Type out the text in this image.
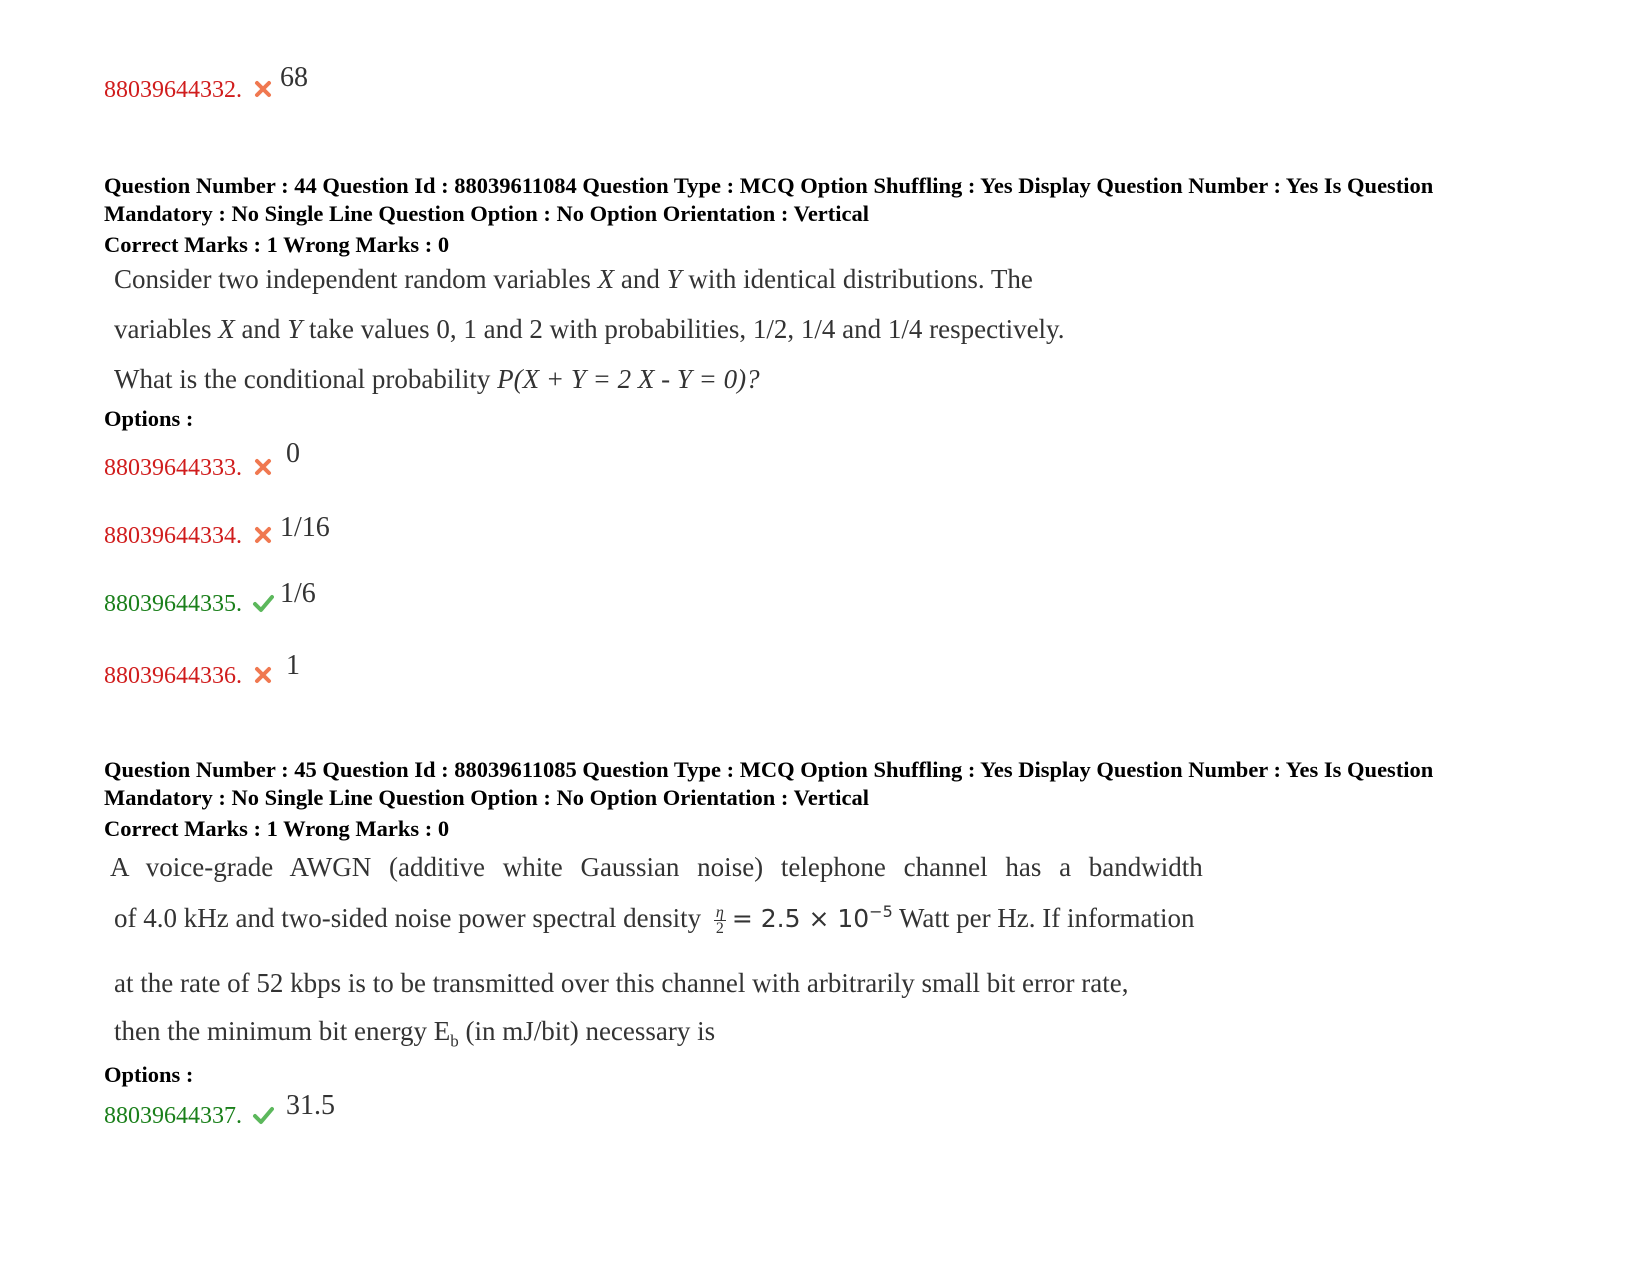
88039644332. 68
Question Number : 44 Question Id : 88039611084 Question Type : MCQ Option Shuffling : Yes Display Question Number : Yes Is Question
Mandatory : No Single Line Question Option : No Option Orientation : Vertical
Correct Marks : 1 Wrong Marks : 0
Consider two independent random variables X and Y with identical distributions. The
variables X and Y take values 0, 1 and 2 with probabilities, 1/2, 1/4 and 1/4 respectively.
What is the conditional probability P(X + Y = 2 X - Y = 0)?
Options :
88039644333. 0
88039644334. 1/16
88039644335. 1/6
88039644336. 1
Question Number : 45 Question Id : 88039611085 Question Type : MCQ Option Shuffling : Yes Display Question Number : Yes Is Question
Mandatory : No Single Line Question Option : No Option Orientation : Vertical
Correct Marks : 1 Wrong Marks : 0
A voice-grade AWGN (additive white Gaussian noise) telephone channel has a bandwidth
of 4.0 kHz and two-sided noise power spectral density $\frac{\eta}{2} = 2.5 \times 10^{-5}$ Watt per Hz. If information
at the rate of 52 kbps is to be transmitted over this channel with arbitrarily small bit error rate,
then the minimum bit energy $E_b$ (in mJ/bit) necessary is
Options :
88039644337. 31.5
